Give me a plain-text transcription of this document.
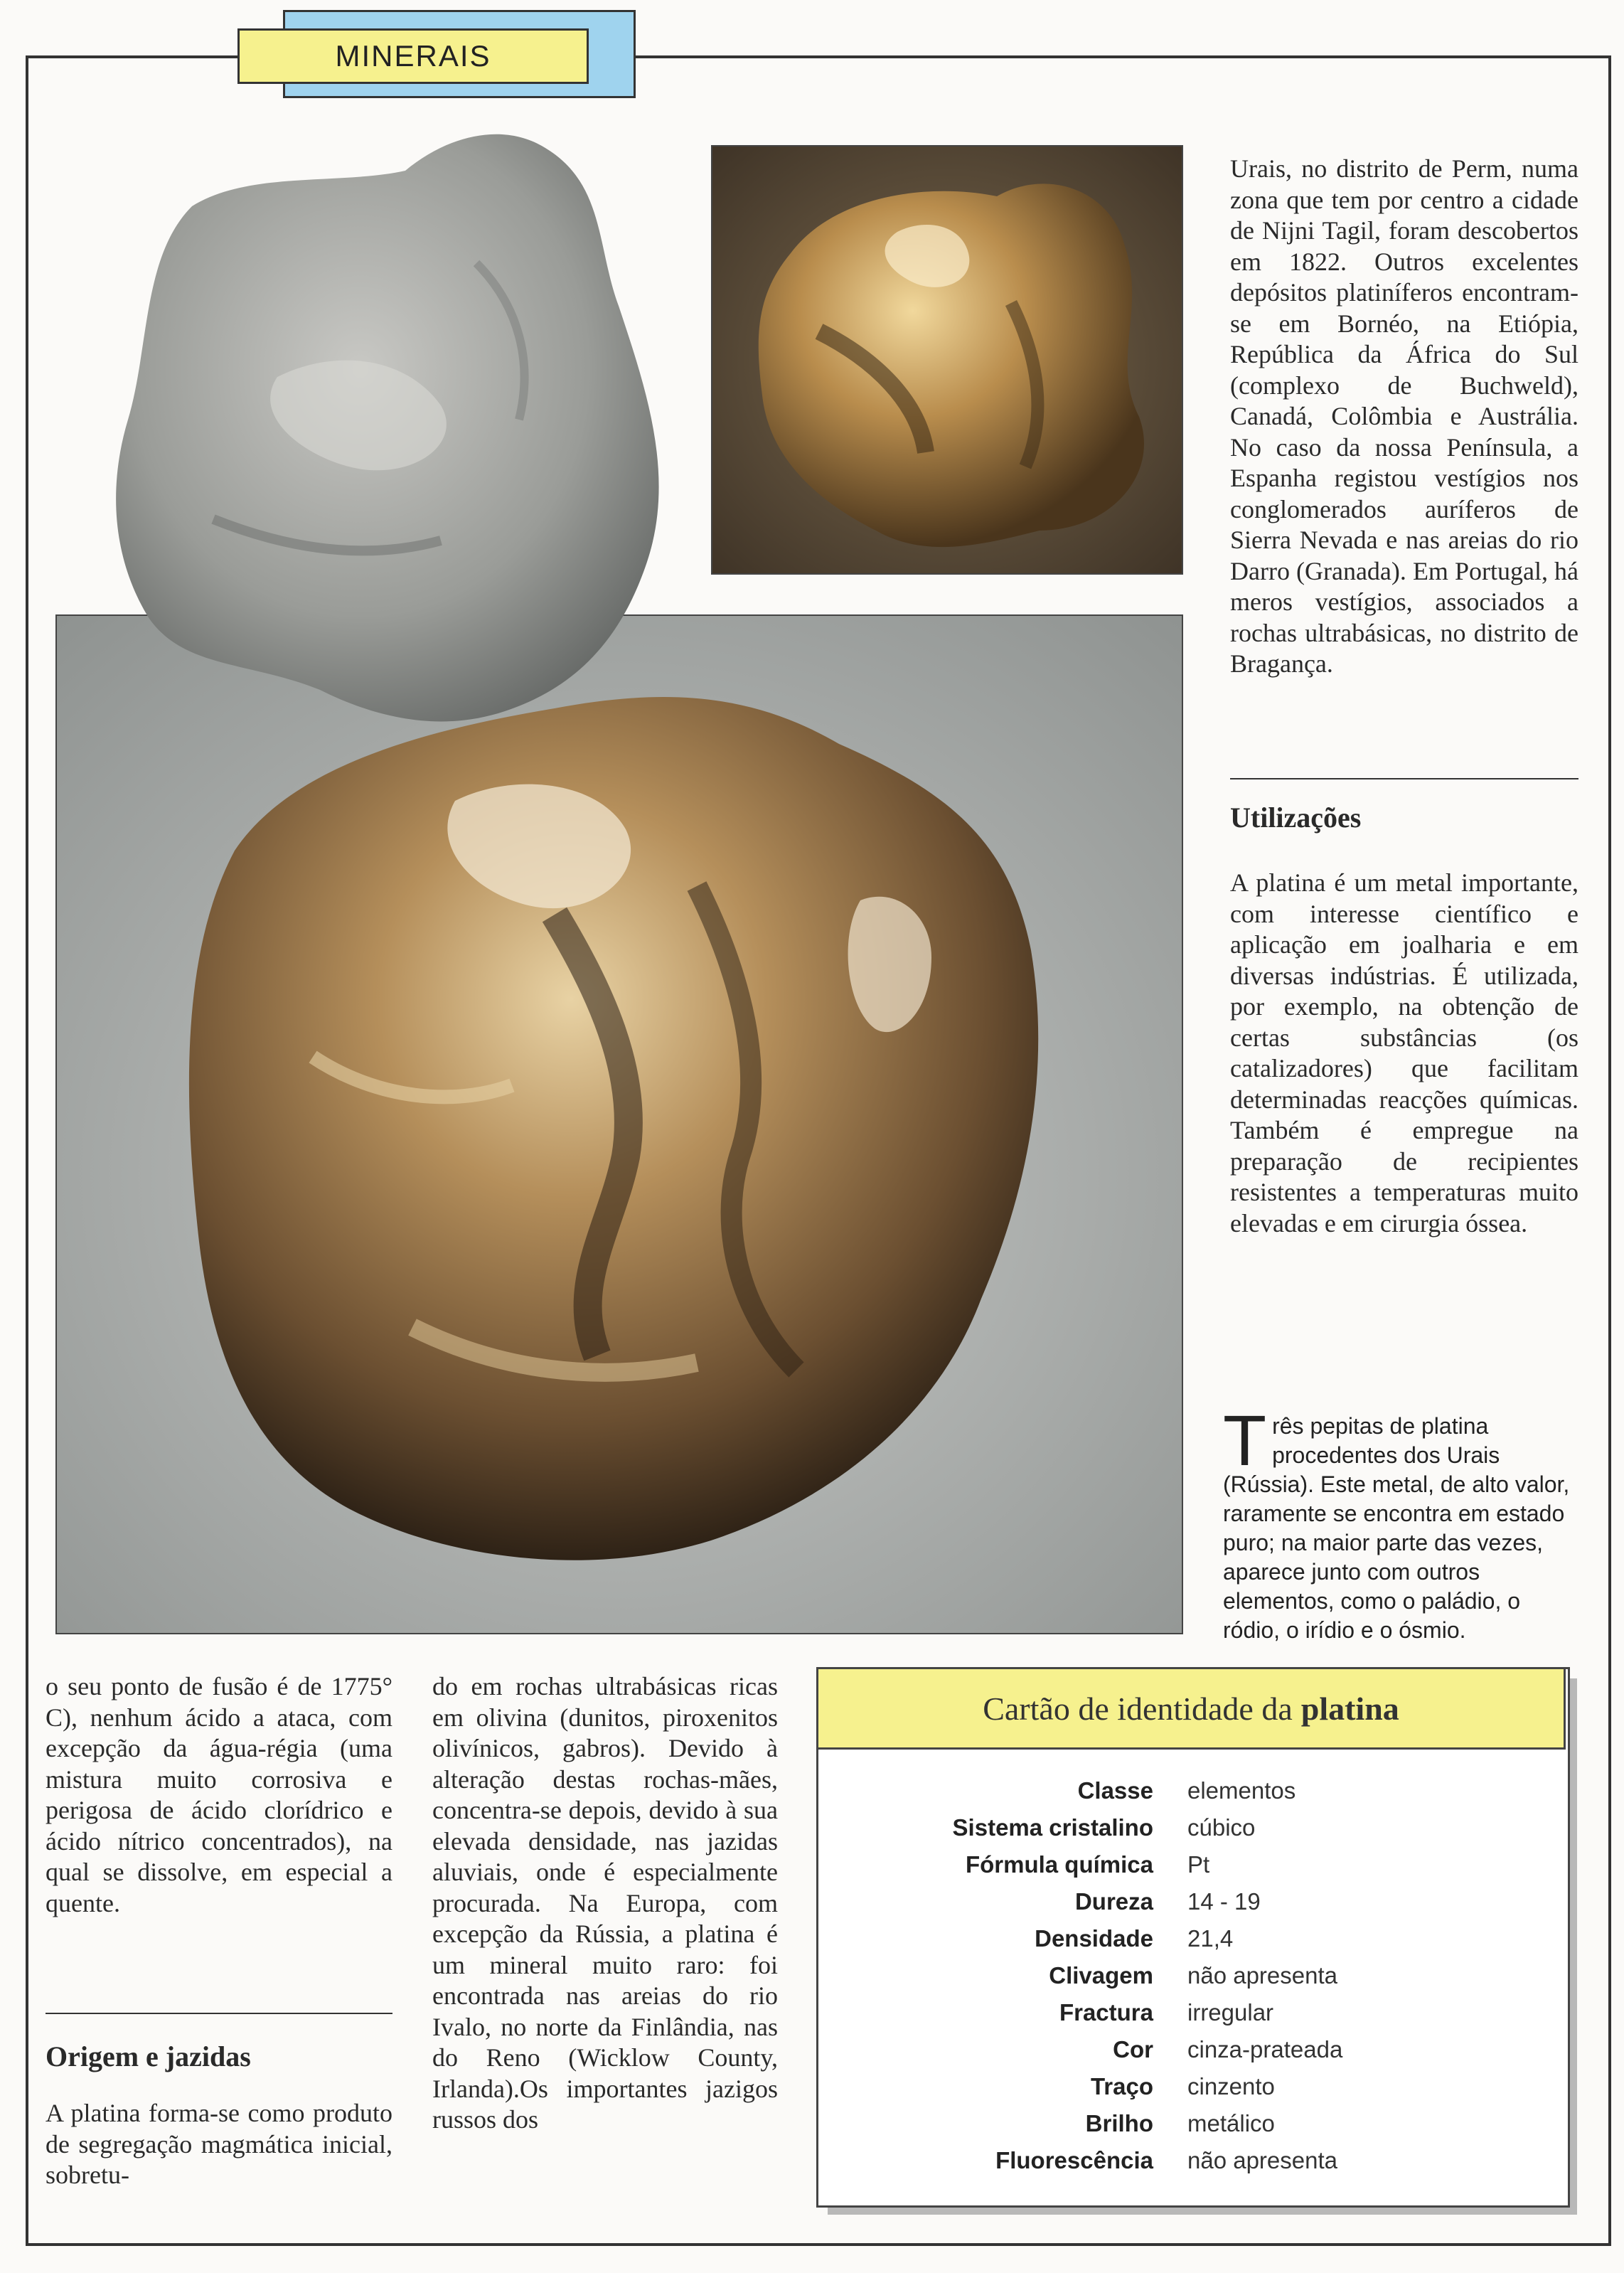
MINERAIS
Urais, no distrito de Perm, numa zona que tem por centro a cidade de Nijni Tagil, foram descobertos em 1822. Outros excelentes depósitos platiníferos encontram-se em Bornéo, na Etiópia, República da África do Sul (complexo de Buchweld), Canadá, Colômbia e Austrália. No caso da nossa Península, a Espanha registou vestígios nos conglomerados auríferos de Sierra Nevada e nas areias do rio Darro (Granada). Em Portugal, há meros vestígios, associados a rochas ultrabásicas, no distrito de Bragança.
Utilizações
A platina é um metal importante, com interesse científico e aplicação em joalharia e em diversas indústrias. É utilizada, por exemplo, na obtenção de certas substâncias (os catalizadores) que facilitam determinadas reacções químicas. Também é empregue na preparação de recipientes resistentes a temperaturas muito elevadas e em cirurgia óssea.
Três pepitas de platina procedentes dos Urais (Rússia). Este metal, de alto valor, raramente se encontra em estado puro; na maior parte das vezes, aparece junto com outros elementos, como o paládio, o ródio, o irídio e o ósmio.
o seu ponto de fusão é de 1775° C), nenhum ácido a ataca, com excepção da água-régia (uma mistura muito corrosiva e perigosa de ácido clorídrico e ácido nítrico concentrados), na qual se dissolve, em especial a quente.
Origem e jazidas
A platina forma-se como produto de segregação magmática inicial, sobretu-
do em rochas ultrabásicas ricas em olivina (dunitos, piroxenitos olivínicos, gabros). Devido à alteração destas rochas-mães, concentra-se depois, devido à sua elevada densidade, nas jazidas aluviais, onde é especialmente procurada. Na Europa, com excepção da Rússia, a platina é um mineral muito raro: foi encontrada nas areias do rio Ivalo, no norte da Finlândia, nas do Reno (Wicklow County, Irlanda).Os importantes jazigos russos dos
Cartão de identidade da platina
Classe	elementos
Sistema cristalino	cúbico
Fórmula química	Pt
Dureza	14 - 19
Densidade	21,4
Clivagem	não apresenta
Fractura	irregular
Cor	cinza-prateada
Traço	cinzento
Brilho	metálico
Fluorescência	não apresenta
